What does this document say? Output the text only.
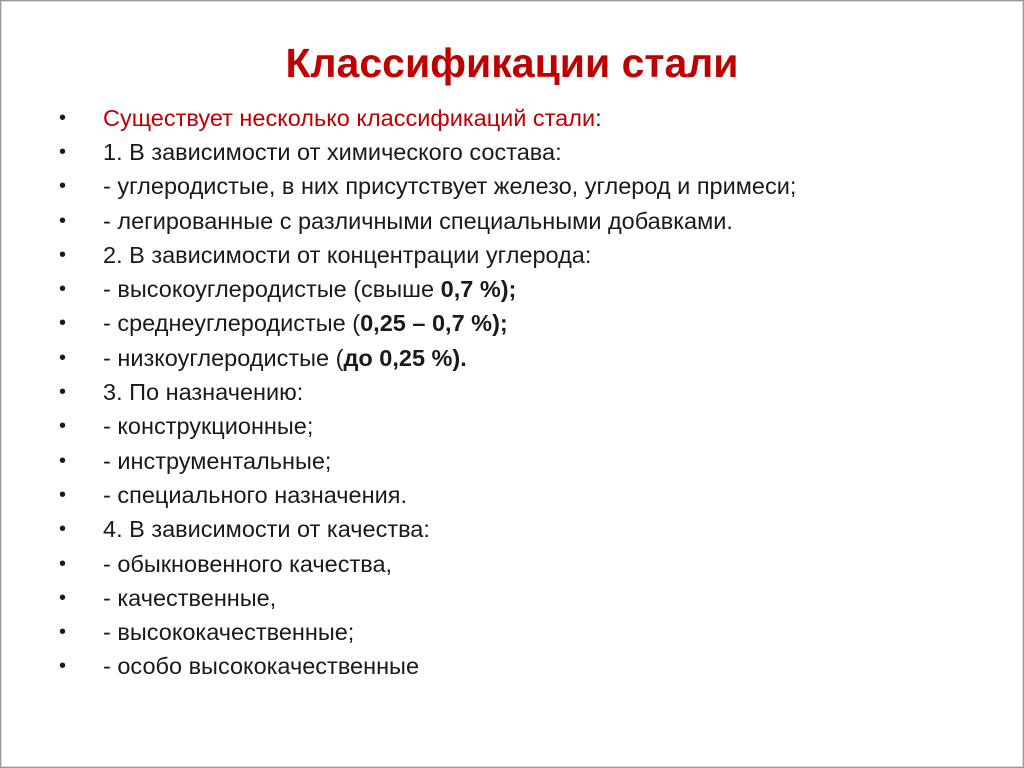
Классификации стали
•	Существует несколько классификаций стали:
•	1. В зависимости от химического состава:
•	- углеродистые, в них присутствует железо, углерод и примеси;
•	- легированные с различными специальными добавками.
•	2. В зависимости от концентрации углерода:
•	- высокоуглеродистые (свыше 0,7 %);
•	- среднеуглеродистые (0,25 – 0,7 %);
•	- низкоуглеродистые (до 0,25 %).
•	3. По назначению:
•	- конструкционные;
•	- инструментальные;
•	- специального назначения.
•	4. В зависимости от качества:
•	- обыкновенного качества,
•	- качественные,
•	- высококачественные;
•	- особо высококачественные
